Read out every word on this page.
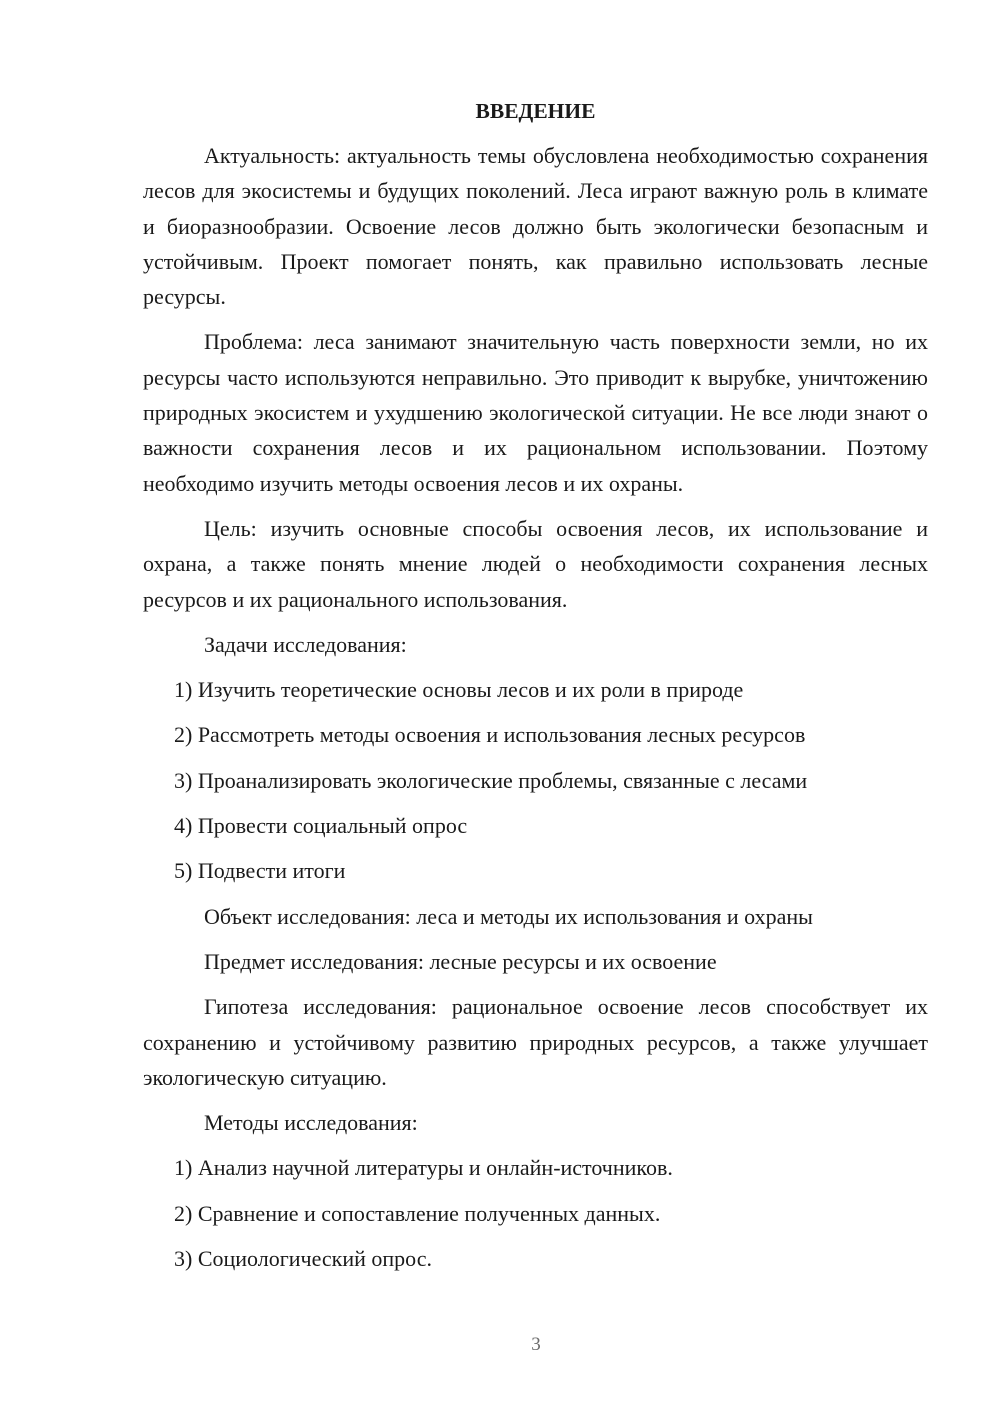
ВВЕДЕНИЕ

Актуальность: актуальность темы обусловлена необходимостью сохранения лесов для экосистемы и будущих поколений. Леса играют важную роль в климате и биоразнообразии. Освоение лесов должно быть экологически безопасным и устойчивым. Проект помогает понять, как правильно использовать лесные ресурсы.

Проблема: леса занимают значительную часть поверхности земли, но их ресурсы часто используются неправильно. Это приводит к вырубке, уничтожению природных экосистем и ухудшению экологической ситуации. Не все люди знают о важности сохранения лесов и их рациональном использовании. Поэтому необходимо изучить методы освоения лесов и их охраны.

Цель: изучить основные способы освоения лесов, их использование и охрана, а также понять мнение людей о необходимости сохранения лесных ресурсов и их рационального использования.

Задачи исследования:
1) Изучить теоретические основы лесов и их роли в природе
2) Рассмотреть методы освоения и использования лесных ресурсов
3) Проанализировать экологические проблемы, связанные с лесами
4) Провести социальный опрос
5) Подвести итоги
Объект исследования: леса и методы их использования и охраны
Предмет исследования: лесные ресурсы и их освоение

Гипотеза исследования: рациональное освоение лесов способствует их сохранению и устойчивому развитию природных ресурсов, а также улучшает экологическую ситуацию.

Методы исследования:
1) Анализ научной литературы и онлайн-источников.
2) Сравнение и сопоставление полученных данных.
3) Социологический опрос.
3
